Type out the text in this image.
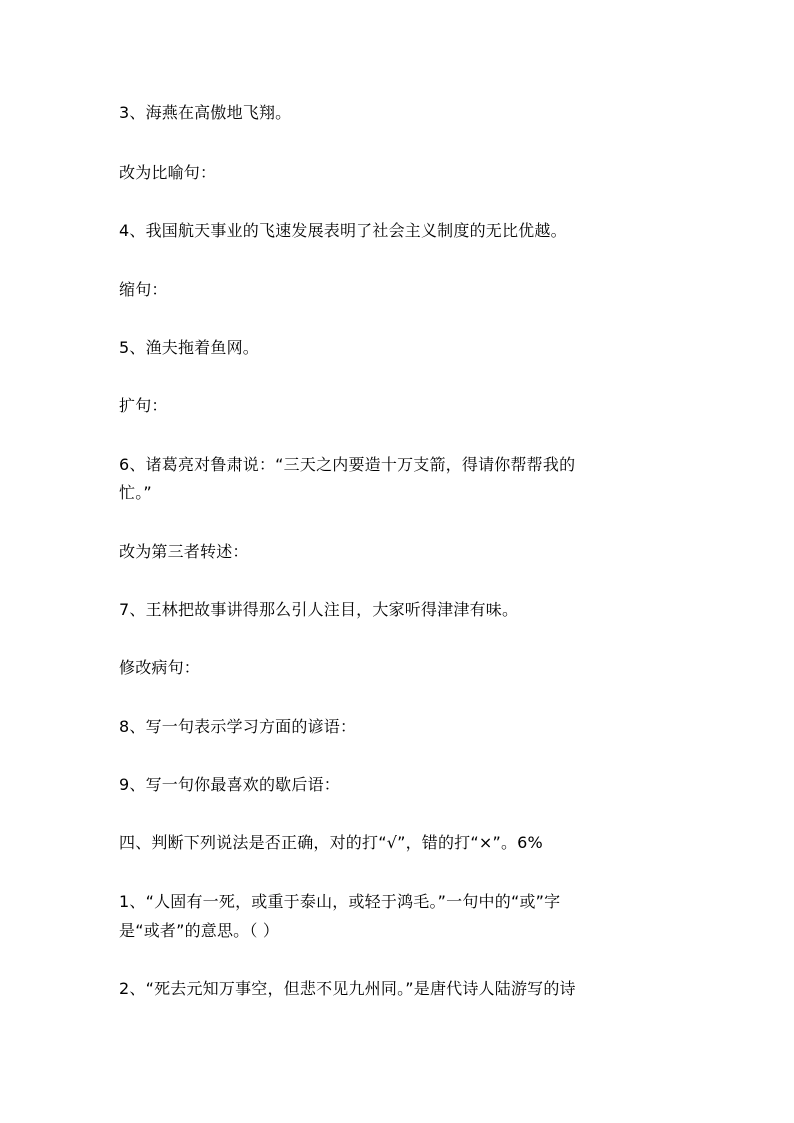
3、海燕在高傲地飞翔。
改为比喻句：
4、我国航天事业的飞速发展表明了社会主义制度的无比优越。
缩句：
5、渔夫拖着鱼网。
扩句：
6、诸葛亮对鲁肃说：“三天之内要造十万支箭，得请你帮帮我的
忙。”
改为第三者转述：
7、王林把故事讲得那么引人注目，大家听得津津有味。
修改病句：
8、写一句表示学习方面的谚语：
9、写一句你最喜欢的歇后语：
四、判断下列说法是否正确，对的打“√”，错的打“×”。6%
1、“人固有一死，或重于泰山，或轻于鸿毛。”一句中的“或”字
是“或者”的意思。（ ）
2、“死去元知万事空，但悲不见九州同。”是唐代诗人陆游写的诗
